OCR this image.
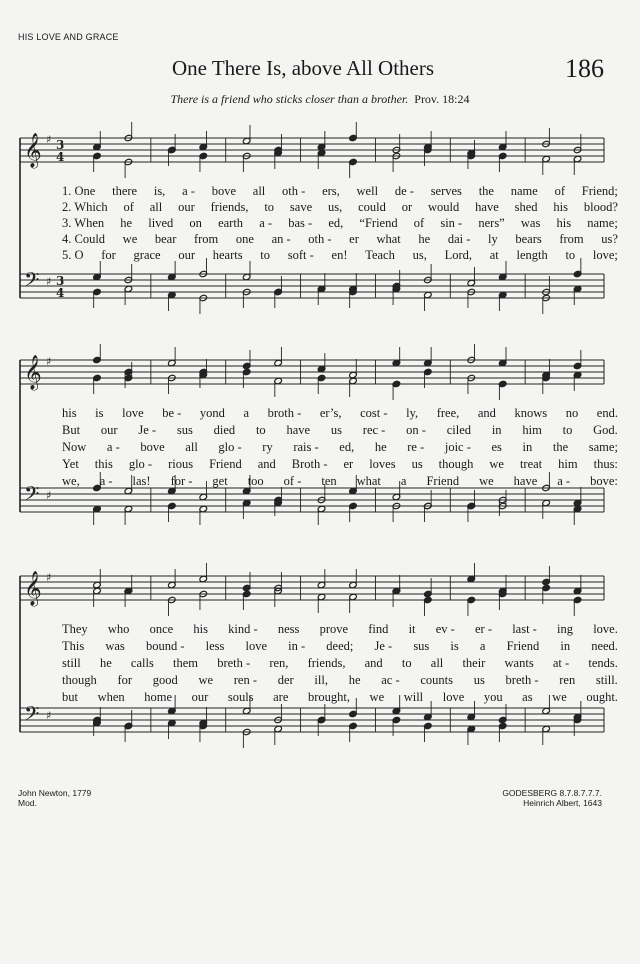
HIS LOVE AND GRACE
One There Is, above All Others	186
There is a friend who sticks closer than a brother. Prov. 18:24
𝄞
𝄢
♯
♯
3
4
3
4
1. One there is, a - bove all oth - ers, well de - serves the name of Friend;
2. Which of all our friends, to save us, could or would have shed his blood?
3. When he lived on earth a - bas - ed, “Friend of sin - ners” was his name;
4. Could we bear from one an - oth - er what he dai - ly bears from us?
5. O for grace our hearts to soft - en! Teach us, Lord, at length to love;
𝄞
𝄢
♯
♯
his is love be - yond a broth - er’s, cost - ly, free, and knows no end.
But our Je - sus died to have us rec - on - ciled in him to God.
Now a - bove all glo - ry rais - ed, he re - joic - es in the same;
Yet this glo - rious Friend and Broth - er loves us though we treat him thus:
we, a - las! for - get too of - ten what a Friend we have a - bove:
𝄞
𝄢
♯
♯
They who once his kind - ness prove find it ev - er - last - ing love.
This was bound - less love in - deed; Je - sus is a Friend in need.
still he calls them breth - ren, friends, and to all their wants at - tends.
though for good we ren - der ill, he ac - counts us breth - ren still.
but when home our souls are brought, we will love you as we ought.
John Newton, 1779
Mod.
GODESBERG 8.7.8.7.7.7.
Heinrich Albert, 1643
